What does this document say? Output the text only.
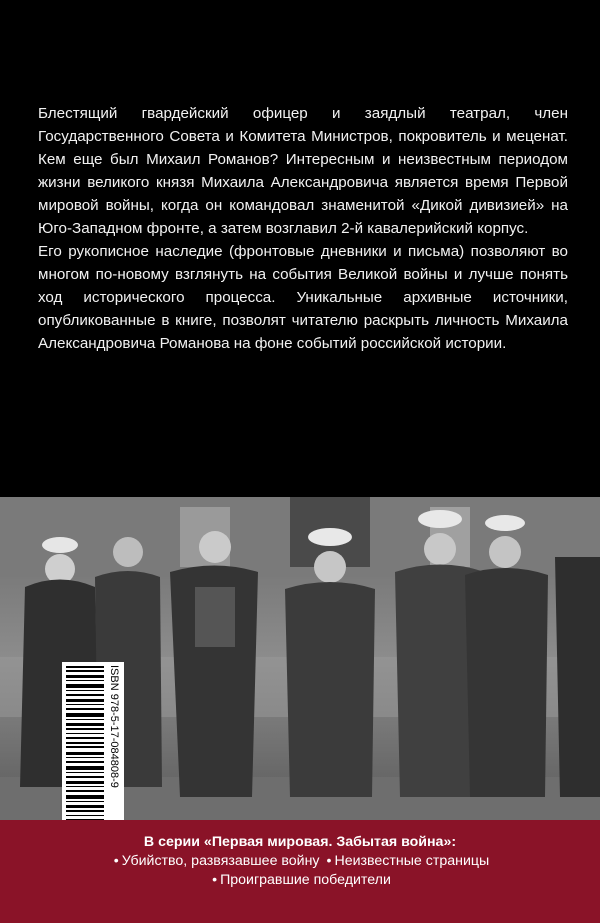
Блестящий гвардейский офицер и заядлый театрал, член Государственного Совета и Комитета Министров, покровитель и меценат. Кем еще был Михаил Романов? Интересным и неизвестным периодом жизни великого князя Михаила Александровича является время Первой мировой войны, когда он командовал знаменитой «Дикой дивизией» на Юго-Западном фронте, а затем возглавил 2-й кавалерийский корпус.

Его рукописное наследие (фронтовые дневники и письма) позволяют во многом по-новому взглянуть на события Великой войны и лучше понять ход исторического процесса. Уникальные архивные источники, опубликованные в книге, позволят читателю раскрыть личность Михаила Александровича Романова на фоне событий российской истории.

ISBN 978-5-17-084808-9
В серии «Первая мировая. Забытая война»:
• Убийство, развязавшее войну • Неизвестные страницы
• Проигравшие победители
